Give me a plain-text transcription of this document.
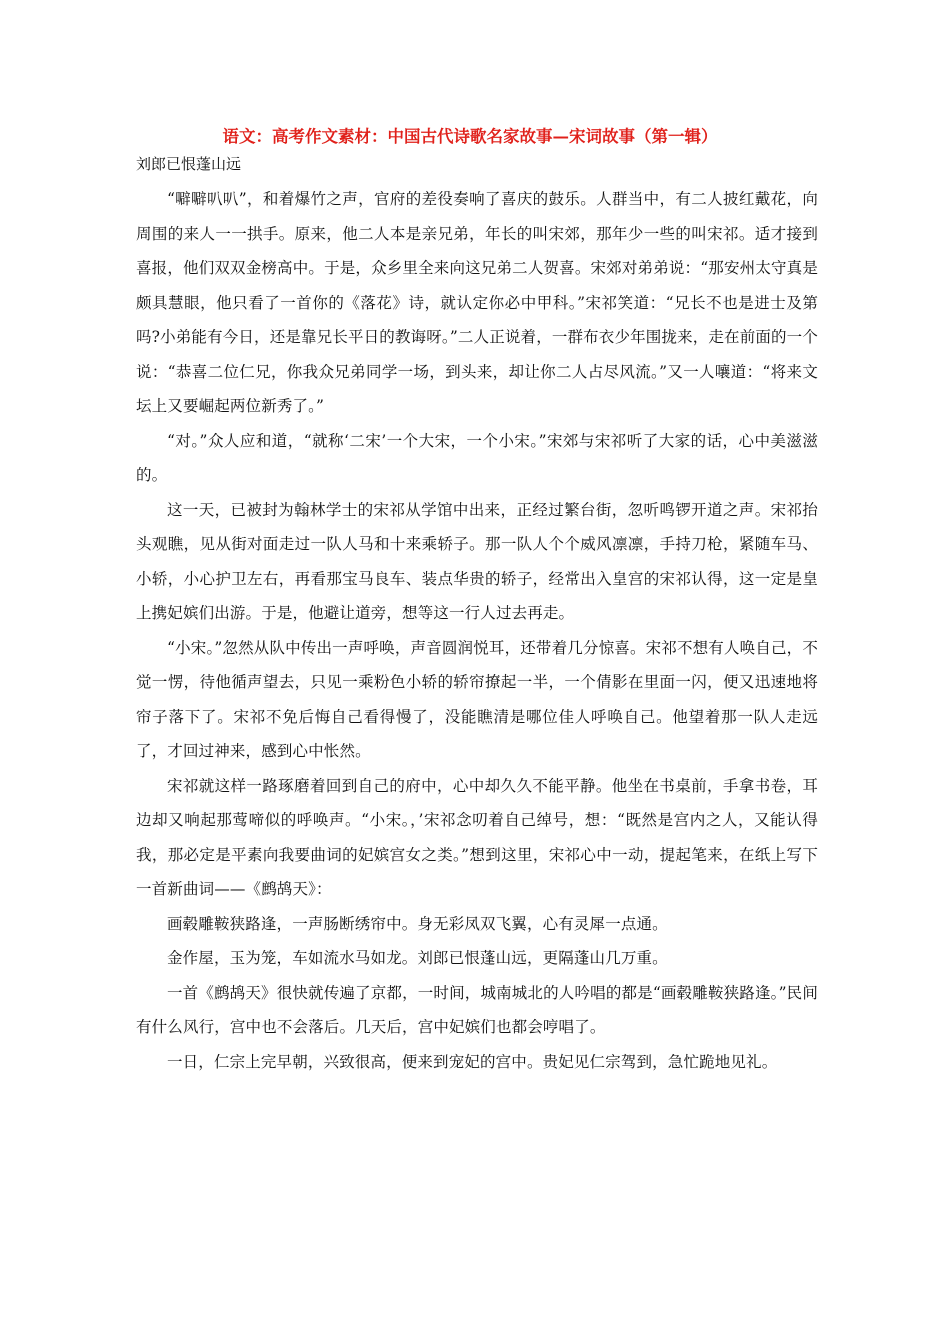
语文：高考作文素材：中国古代诗歌名家故事—宋词故事（第一辑）
刘郎已恨蓬山远

“噼噼叭叭”，和着爆竹之声，官府的差役奏响了喜庆的鼓乐。人群当中，有二人披红戴花，向周围的来人一一拱手。原来，他二人本是亲兄弟，年长的叫宋郊，那年少一些的叫宋祁。适才接到喜报，他们双双金榜高中。于是，众乡里全来向这兄弟二人贺喜。宋郊对弟弟说：“那安州太守真是颇具慧眼，他只看了一首你的《落花》诗，就认定你必中甲科。”宋祁笑道：“兄长不也是进士及第吗?小弟能有今日，还是靠兄长平日的教诲呀。”二人正说着，一群布衣少年围拢来，走在前面的一个说：“恭喜二位仁兄，你我众兄弟同学一场，到头来，却让你二人占尽风流。”又一人嚷道：“将来文坛上又要崛起两位新秀了。”

“对。”众人应和道，“就称‘二宋’一个大宋，一个小宋。”宋郊与宋祁听了大家的话，心中美滋滋的。

这一天，已被封为翰林学士的宋祁从学馆中出来，正经过繁台街，忽听鸣锣开道之声。宋祁抬头观瞧，见从街对面走过一队人马和十来乘轿子。那一队人个个威风凛凛，手持刀枪，紧随车马、小轿，小心护卫左右，再看那宝马良车、装点华贵的轿子，经常出入皇宫的宋祁认得，这一定是皇上携妃嫔们出游。于是，他避让道旁，想等这一行人过去再走。

“小宋。”忽然从队中传出一声呼唤，声音圆润悦耳，还带着几分惊喜。宋祁不想有人唤自己，不觉一愣，待他循声望去，只见一乘粉色小轿的轿帘撩起一半，一个倩影在里面一闪，便又迅速地将帘子落下了。宋祁不免后悔自己看得慢了，没能瞧清是哪位佳人呼唤自己。他望着那一队人走远了，才回过神来，感到心中怅然。

宋祁就这样一路琢磨着回到自己的府中，心中却久久不能平静。他坐在书桌前，手拿书卷，耳边却又响起那莺啼似的呼唤声。“小宋。，’宋祁念叨着自己绰号，想：“既然是宫内之人，又能认得我，那必定是平素向我要曲词的妃嫔宫女之类。”想到这里，宋祁心中一动，提起笔来，在纸上写下一首新曲词——《鹧鸪天》：

画毂雕鞍狭路逢，一声肠断绣帘中。身无彩凤双飞翼，心有灵犀一点通。

金作屋，玉为笼，车如流水马如龙。刘郎已恨蓬山远，更隔蓬山几万重。

一首《鹧鸪天》很快就传遍了京都，一时间，城南城北的人吟唱的都是“画毂雕鞍狭路逢。”民间有什么风行，宫中也不会落后。几天后，宫中妃嫔们也都会哼唱了。

一日，仁宗上完早朝，兴致很高，便来到宠妃的宫中。贵妃见仁宗驾到，急忙跪地见礼。
